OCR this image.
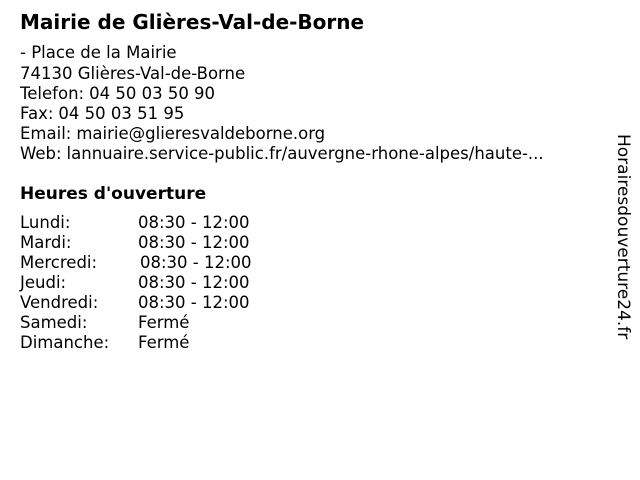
Mairie de Glières-Val-de-Borne
- Place de la Mairie
74130 Glières-Val-de-Borne
Telefon: 04 50 03 50 90
Fax: 04 50 03 51 95
Email: mairie@glieresvaldeborne.org
Web: lannuaire.service-public.fr/auvergne-rhone-alpes/haute-...
Heures d'ouverture
Lundi:	08:30 - 12:00
Mardi:	08:30 - 12:00
Mercredi:	08:30 - 12:00
Jeudi:	08:30 - 12:00
Vendredi: 08:30 - 12:00
Samedi:	Fermé
Dimanche: Fermé
Horairesdouverture24.fr
